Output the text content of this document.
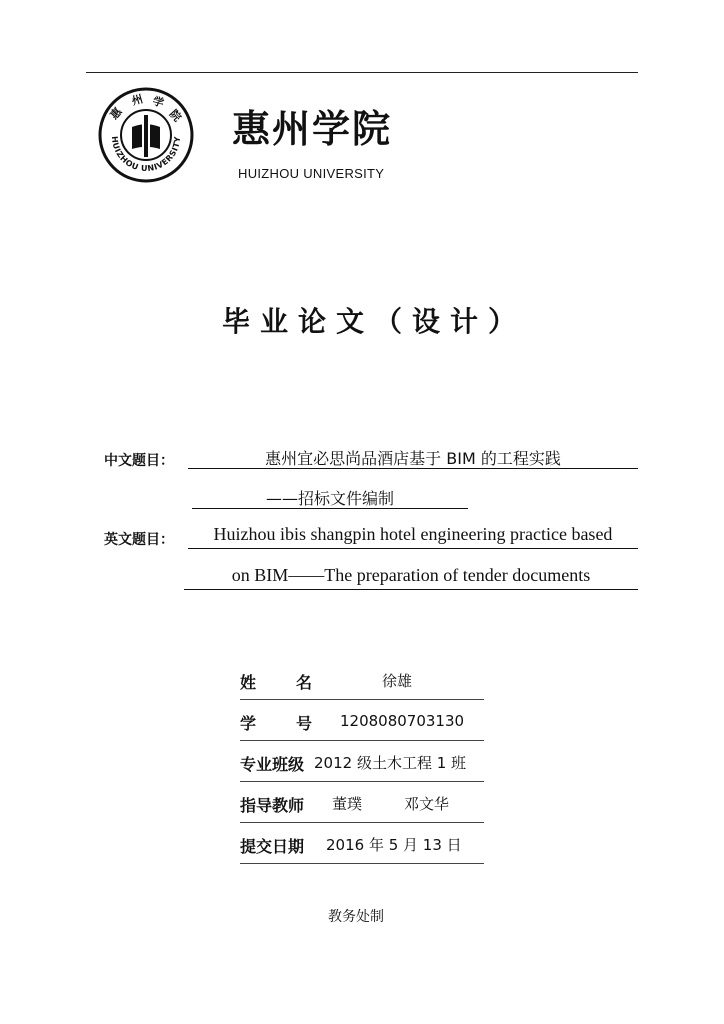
惠
州 学
院
HUIZHOU UNIVERSITY 惠州学院
HUIZHOU UNIVERSITY
毕业论文（设计）
中文题目：	惠州宜必思尚品酒店基于 BIM 的工程实践
——招标文件编制
英文题目：	Huizhou ibis shangpin hotel engineering practice based
on BIM——The preparation of tender documents
姓 名	徐雄
学 号 1208080703130
专业班级 2012 级土木工程 1 班
指导教师 董璞	邓文华
提交日期 2016 年 5 月 13 日
教务处制
